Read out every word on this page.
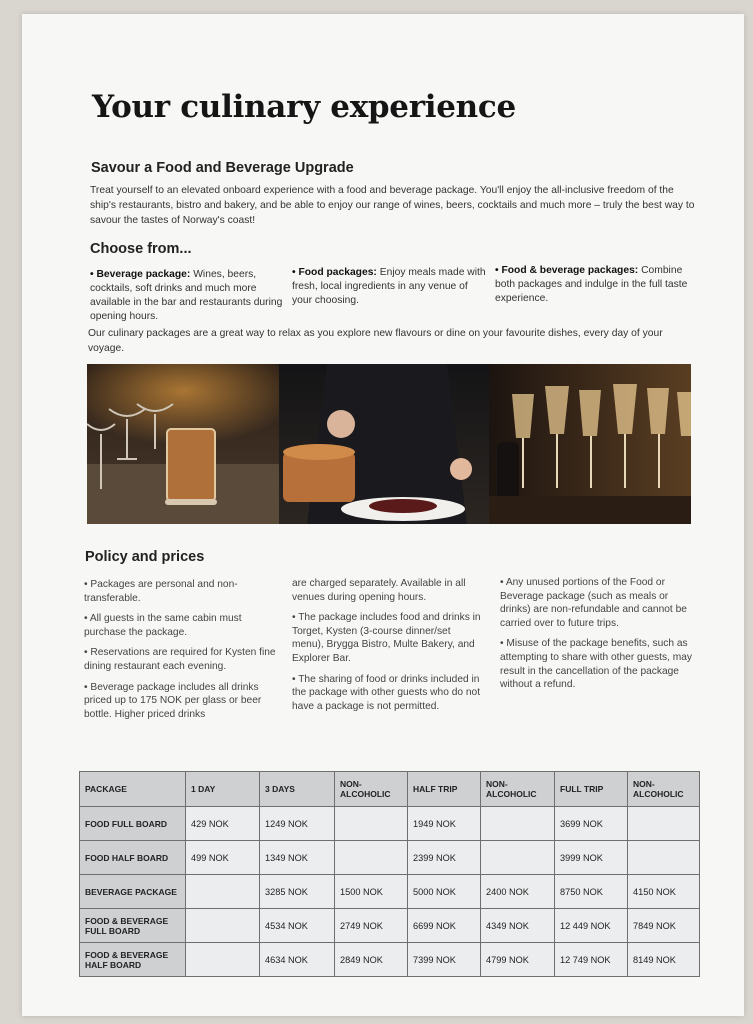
Your culinary experience
Savour a Food and Beverage Upgrade

Treat yourself to an elevated onboard experience with a food and beverage package. You'll enjoy the all-inclusive freedom of the ship's restaurants, bistro and bakery, and be able to enjoy our range of wines, beers, cocktails and much more – truly the best way to savour the tastes of Norway's coast!

Choose from...

• Beverage package: Wines, beers, cocktails, soft drinks and much more available in the bar and restaurants during opening hours.

• Food packages: Enjoy meals made with fresh, local ingredients in any venue of your choosing.

• Food & beverage packages: Combine both packages and indulge in the full taste experience.

Our culinary packages are a great way to relax as you explore new flavours or dine on your favourite dishes, every day of your voyage.

Policy and prices

• Packages are personal and non-transferable.

• All guests in the same cabin must purchase the package.

• Reservations are required for Kysten fine dining restaurant each evening.

• Beverage package includes all drinks priced up to 175 NOK per glass or beer bottle. Higher priced drinks

are charged separately. Available in all venues during opening hours.

• The package includes food and drinks in Torget, Kysten (3-course dinner/set menu), Brygga Bistro, Multe Bakery, and Explorer Bar.

• The sharing of food or drinks included in the package with other guests who do not have a package is not permitted.

• Any unused portions of the Food or Beverage package (such as meals or drinks) are non-refundable and cannot be carried over to future trips.

• Misuse of the package benefits, such as attempting to share with other guests, may result in the cancellation of the package without a refund.

PACKAGE	1 DAY	3 DAYS	NON-ALCOHOLIC	HALF TRIP	NON-ALCOHOLIC	FULL TRIP	NON-ALCOHOLIC
FOOD FULL BOARD	429 NOK	1249 NOK		1949 NOK		3699 NOK	
FOOD HALF BOARD	499 NOK	1349 NOK		2399 NOK		3999 NOK	
BEVERAGE PACKAGE		3285 NOK	1500 NOK	5000 NOK	2400 NOK	8750 NOK	4150 NOK
FOOD & BEVERAGE FULL BOARD		4534 NOK	2749 NOK	6699 NOK	4349 NOK	12 449 NOK	7849 NOK
FOOD & BEVERAGE HALF BOARD		4634 NOK	2849 NOK	7399 NOK	4799 NOK	12 749 NOK	8149 NOK
